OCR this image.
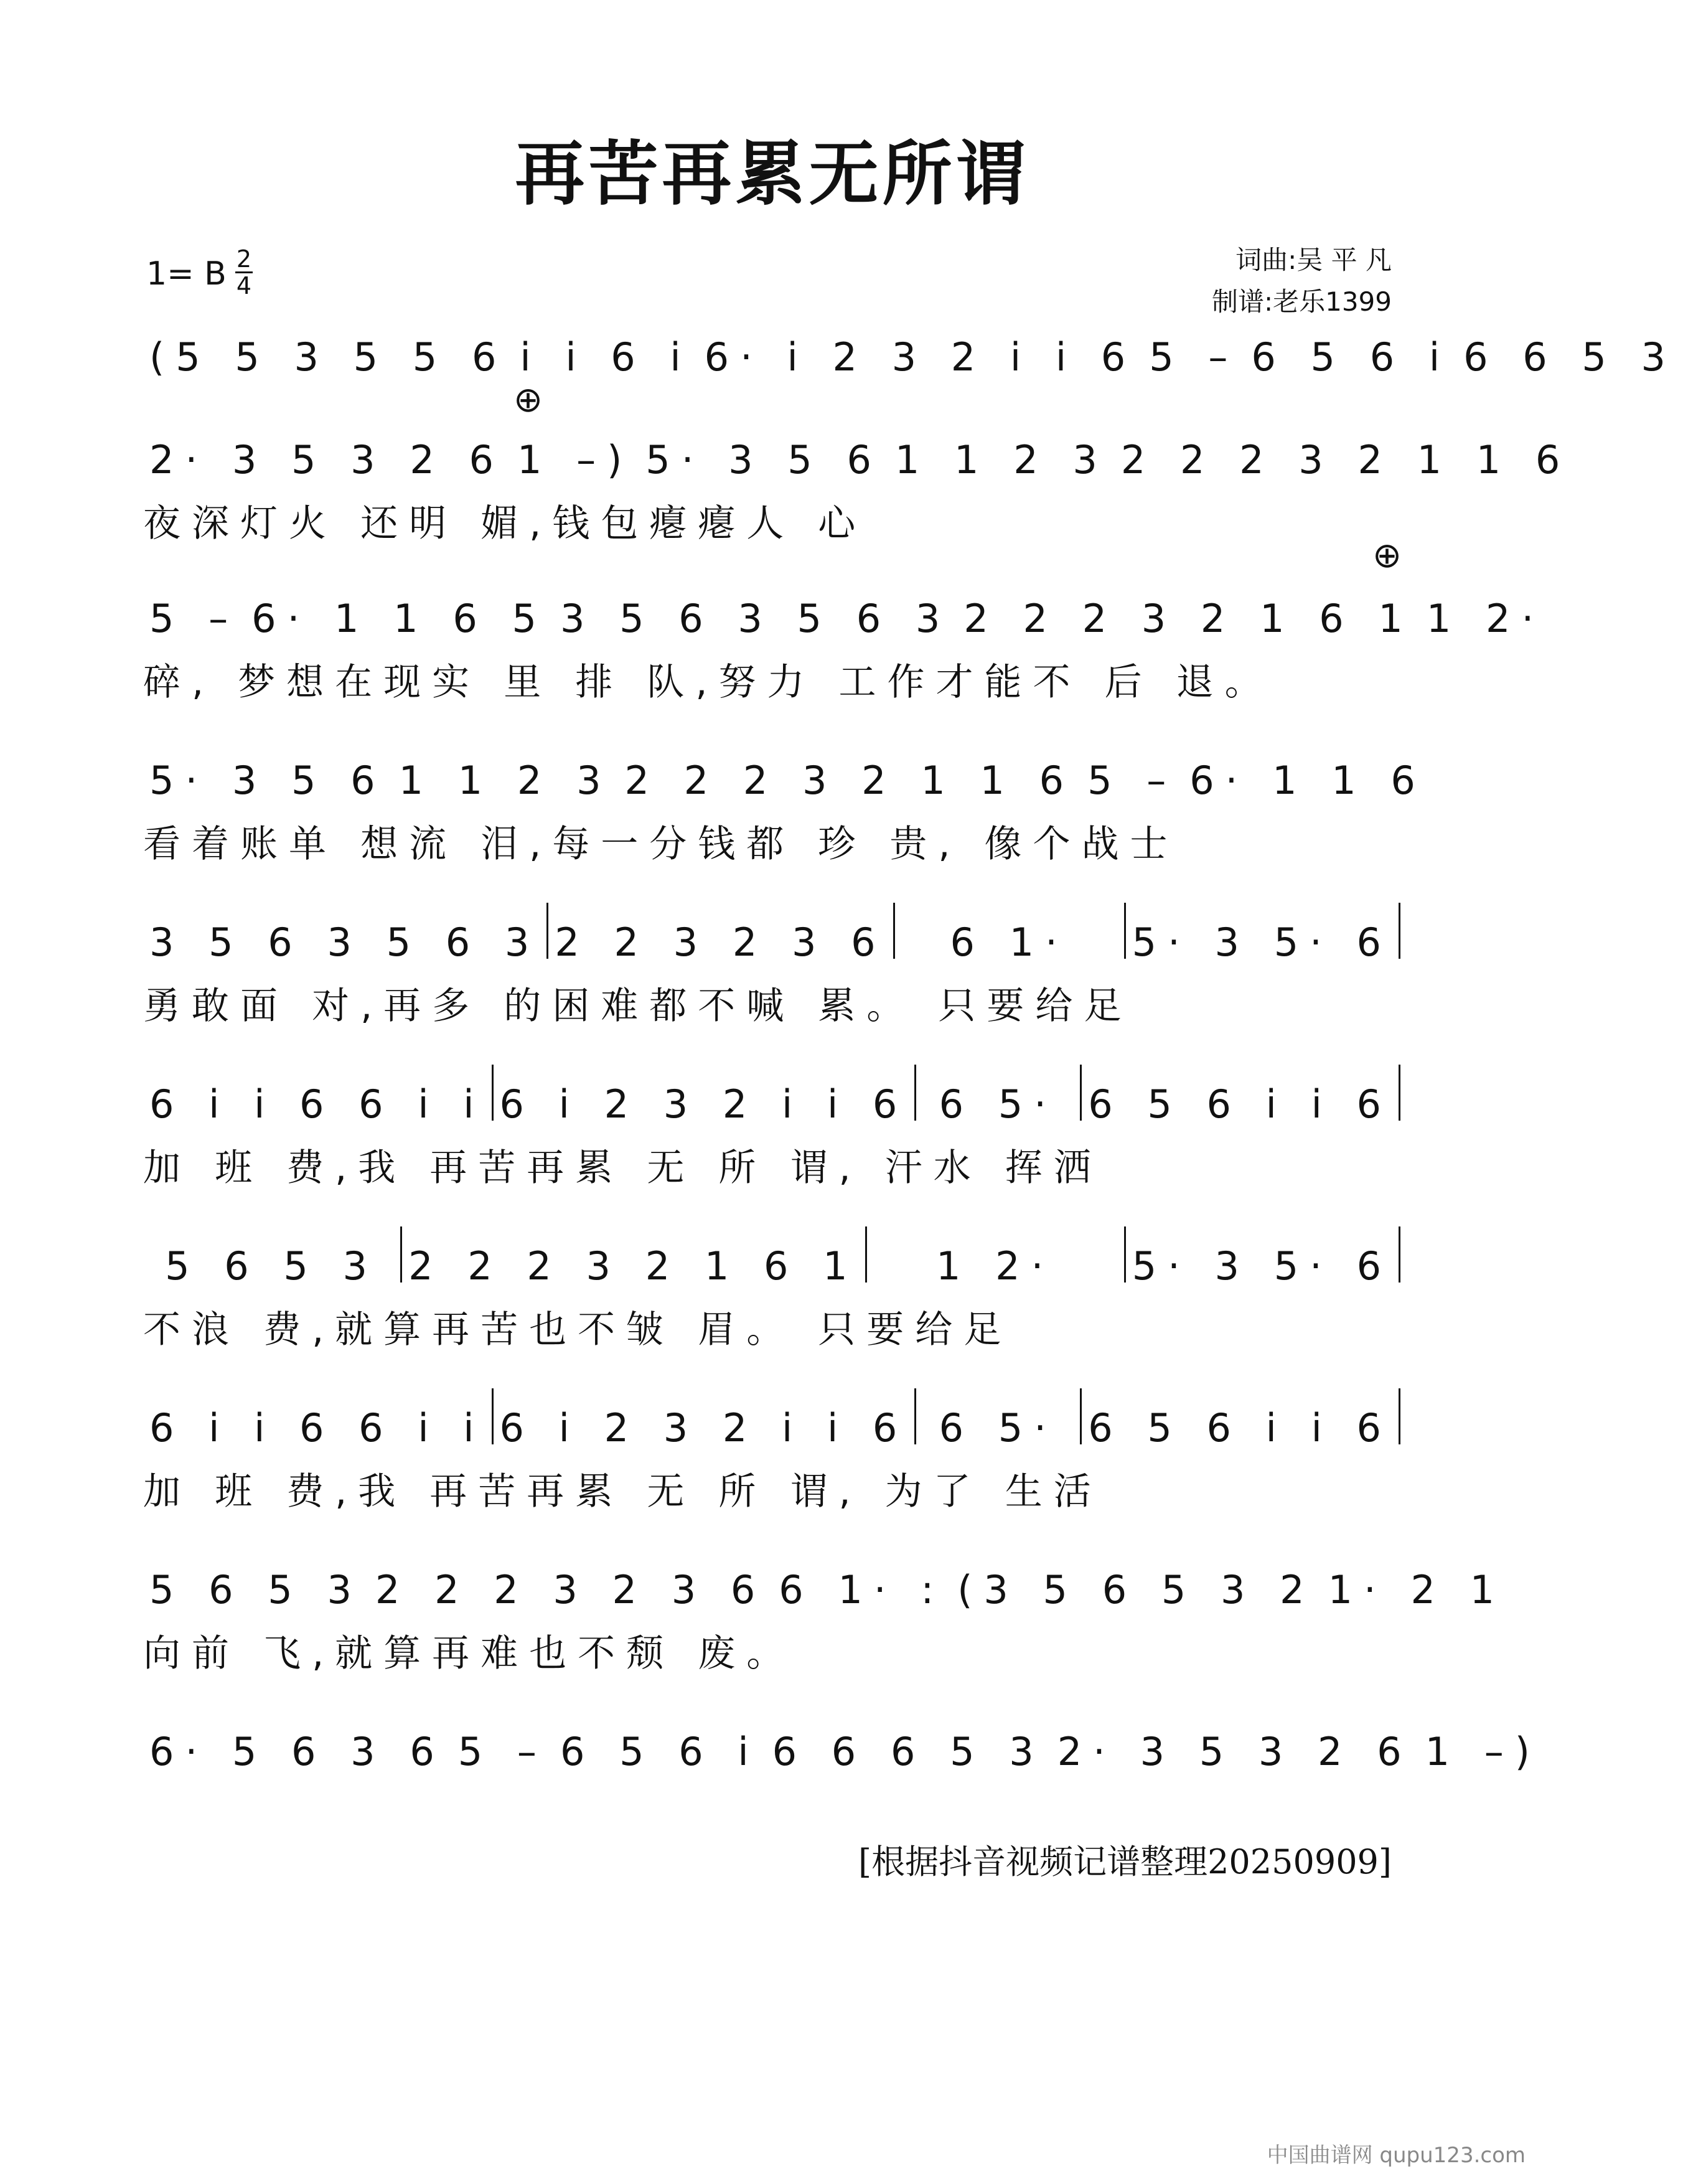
再苦再累无所谓
1= B 2
4
词曲:吴 平 凡
制谱:老乐1399
⊕
⊕
(5 5 3 5 5 6 i i 6 i 6· i 2 3 2 i i 6 5 – 6 5 6 i 6 6 5 3
2· 3 5 3 2 6 1 –) 5· 3 5 6 1 1 2 3 2 2 2 3 2 1 1 6
夜深灯火 还明 媚,钱包瘪瘪人 心
5 – 6· 1 1 6 5 3 5 6 3 5 6 3 2 2 2 3 2 1 6 1 1 2·
碎, 梦想在现实 里 排 队,努力 工作才能不 后 退。
5· 3 5 6 1 1 2 3 2 2 2 3 2 1 1 6 5 – 6· 1 1 6
看着账单 想流 泪,每一分钱都 珍 贵, 像个战士
3 5 6 3 5 6 3 2 2 3 2 3 6	6 1·	5· 3 5· 6
勇敢面 对,再多 的困难都不喊 累。 只要给足
6 i i 6 6 i i 6 i 2 3 2 i i 6 6 5· 6 5 6 i i 6
加 班 费,我 再苦再累 无 所 谓, 汗水 挥洒
5 6 5 3 2 2 2 3 2 1 6 1	1 2·	5· 3 5· 6
不浪 费,就算再苦也不皱 眉。 只要给足
6 i i 6 6 i i 6 i 2 3 2 i i 6 6 5· 6 5 6 i i 6
加 班 费,我 再苦再累 无 所 谓, 为了 生活
5 6 5 3 2 2 2 3 2 3 6 6 1· : (3 5 6 5 3 2 1· 2 1
向前 飞,就算再难也不颓 废。
6· 5 6 3 6 5 – 6 5 6 i 6 6 6 5 3 2· 3 5 3 2 6 1 –)
[根据抖音视频记谱整理20250909]
中国曲谱网 qupu123.com
